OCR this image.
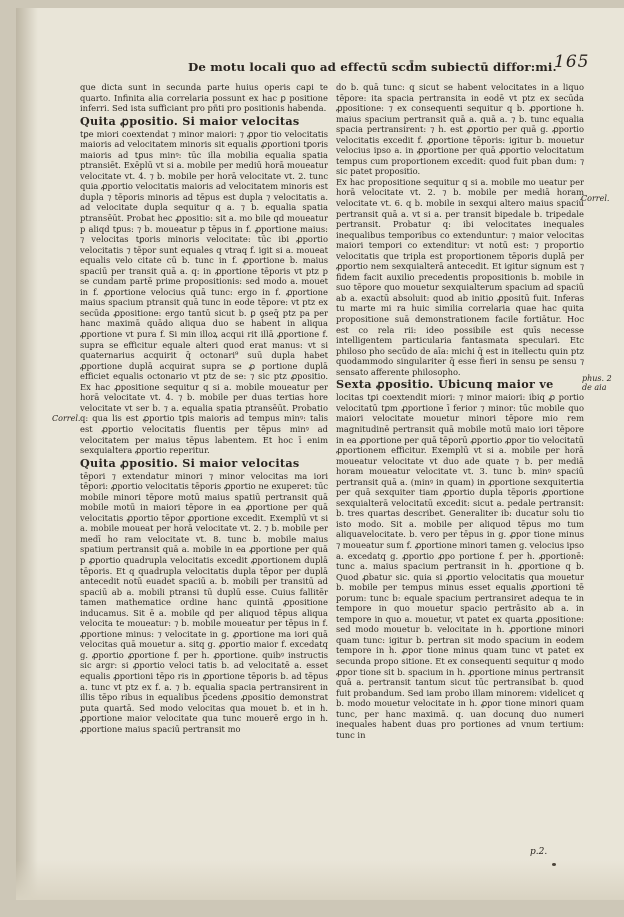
165
De motu locali quo ad effectū scd̄m subiectū diffor:mi.
Correl.
Correl.
phus. 2 de aia

que dicta sunt in secunda parte huius operis capi te quarto. Infinita alia correlaria possunt ex hac ꝑ positione inferri. Sed ista sufficiant pro pñti pro positionis habenda.

Quita ꝓpositio. Si maior velocitas

tꝑe miori coextendat ⁊ minor maiori: ⁊ ꝓpor tio velocitatis maioris ad velocitatem minoris sit equalis ꝓportioni tꝑoris maioris ad tꝑus minꝰ: tūc illa mobilia equalia spatia ptransiēt. Exēplū vt si a. mobile per mediū horā moueatur velocitate vt. 4. ⁊ b. mobile per horā velocitate vt. 2. tunc quia ꝓportio velocitatis maioris ad velocitatem minoris est dupla ⁊ tēporis minoris ad tēpus est dupla ⁊ velocitatis a. ad velocitate dupla sequitur q a. ⁊ b. equalia spatia ptransēūt. Probat hec ꝓpositio: sit a. mo bile qd moueatur p aliqd tꝑus: ⁊ b. moueatur p tēpus in f. ꝓportione maius: ⁊ velocitas tꝑoris minoris velocitate: tūc ibi ꝓportio velocitatis ⁊ tēpor sunt equales q vtraq f. igit si a. moueat equalis velo citate cū b. tunc in f. ꝓportione b. maius spaciū per transit quā a. q: in ꝓportione tēporis vt ptz p se cundam partē prime propositionis: sed modo a. mouet in f. ꝓportione velocius quā tunc: ergo in f. ꝓportione maius spacium ptransit quā tunc in eode tēpore: vt ptz ex secūda ꝓpositione: ergo tantū sicut b. ꝑ ꝯseq̄ ptz pa per hanc maximā quādo aliqua duo se habent in aliqua ꝓportione vt pura f. Si min illoꝝ acqui rit illā ꝓportione f. supra se efficitur equale alteri quod erat manus: vt si quaternarius acquirit q̄ octonari⁹ suū dupla habet ꝓportione duplā acquirat supra se ꝓ portione duplā efficiet equalis octonario vt ptz de se: ⁊ sic ptz ꝓpositio. Ex hac ꝓpositione sequitur q si a. mobile moueatur per horā velocitate vt. 4. ⁊ b. mobile per duas tertias hore velocitate vt ser b. ⁊ a. equalia spatia ptransēūt. Probatio q: qua lis est ꝓportio tꝑis maioris ad tempus minꝰ: talis est ꝓportio velocitatis fluentis per tēpus minꝰ ad velocitatem per maius tēpus labentem. Et hoc ī enim sexquialtera ꝓportio reperitur.

Quita ꝓpositio. Si maior velocitas

tēpori ⁊ extendatur minori ⁊ minor velocitas ma iori tēpori: ꝓportio velocitatis tēporis ꝓportio ne exuperet: tūc mobile minori tēpore motū maius spatiū pertransit quā mobile motū in maiori tēpore in ea ꝓportione per quā velocitatis ꝓportio tēpor ꝓportione excedit. Exemplū vt si a. mobile moueat per horā velocitate vt. 2. ⁊ b. mobile per medī ho ram velocitate vt. 8. tunc b. mobile maius spatium pertransit quā a. mobile in ea ꝓportione per quā p ꝓportio quadrupla velocitatis excedit ꝓportionem duplā tēporis. Et q quadrupla velocitatis dupla tēpor per duplā antecedit notū euadet spaciū a. b. mobili per transitū ad spaciū ab a. mobili ptransi tū duplū esse. Cuius fallitēr tamen mathematice ordine hanc quintā ꝓpositione inducamus. Sit ē a. mobile qd per aliquod tēpus aliqua velocita te moueatur: ⁊ b. mobile moueatur per tēpus in f. ꝓportione minus: ⁊ velocitate in g. ꝓportione ma iori quā velocitas quā mouetur a. sitq g. ꝓportio maior f. excedatq g. ꝓportio ꝓportione f. per h. ꝓportione. quibꝰ instructis sic argr: si ꝓportio veloci tatis b. ad velocitatē a. esset equalis ꝓportioni tēpo ris in ꝓportione tēporis b. ad tēpus a. tunc vt ptz ex f. a. ⁊ b. equalia spacia pertransirent in illis tēpo ribus in equalibus p̄cedens ꝓpositio demonstrat puta quartā. Sed modo velocitas qua mouet b. et in h. ꝓportione maior velocitate qua tunc mouerē ergo in h. ꝓportione maius spaciū pertransit mo

do b. quā tunc: q sicut se habent velocitates in a liquo tēpore: ita spacia pertransita in eodē vt ptz ex secūda ꝓpositione: ⁊ ex consequenti sequitur q b. ꝓportione h. maius spacium pertransit quā a. quā a. ⁊ b. tunc equalia spacia pertransirent: ⁊ h. est ꝓportio per quā g. ꝓportio velocitatis excedit f. ꝓportione tēporis: igitur b. mouetur velocius ipso a. in ꝓportione per quā ꝓportio velocitatum tempus cum proportionem excedit: quod fuit pban dum: ⁊ sic patet propositio.

Ex hac propositione sequitur q si a. mobile mo ueatur per horā velocitate vt. 2. ⁊ b. mobile per mediā horam velocitate vt. 6. q b. mobile in sexqui altero maius spaciū pertransit quā a. vt si a. per transit bipedale b. tripedale pertransit. Probatur q: ibi velocitates inequales inequalibus temporibus co extenduntur: ⁊ maior velocitas maiori tempori co extenditur: vt notū est: ⁊ proportio velocitatis que tripla est proportionem tēporis duplā per ꝓportio nem sexquialterā antecedit. Et igitur signum est ⁊ fidem facit auxilio precedentis propositionis b. mobile in suo tēpore quo mouetur sexquialterum spacium ad spaciū ab a. exactū absoluit: quod ab initio ꝓpositū fuit. Inferas tu marte mi ra huic similia correlaria quae hac quita propositione suā demonstrationem facile fortiātur. Hoc est co rela rii: ideo possibile est quīs necesse intelligentem particularia fantasmata speculari. Etc philoso pho secūdo de aīa: michi q̄ est in itellectu quin ptz quodammodo singulariter q̄ esse fieri in sensu pe sensu ⁊ sensato afferente philosopho.

Sexta ꝓpositio. Ubicunq maior ve

locitas tꝑi coextendit miori: ⁊ minor maiori: ibiq ꝓ portio velocitatū tꝑm ꝓportione ī ferior ⁊ minor: tūc mobile quo maiori velocitate mouetur minori tēpore mio rem magnitudinē pertransit quā mobile motū maio iori tēpore in ea ꝓportione per quā tēporū ꝓportio ꝓpor tio velocitatū ꝓportionem efficitur. Exemplū vt si a. mobile per horā moueatur velocitate vt duo ade quate ⁊ b. per mediā horam moueatur velocitate vt. 3. tunc b. minꝰ spaciū pertransit quā a. (minꝰ in quam) in ꝓportione sexquitertia per quā sexquiter tiam ꝓportio dupla tēporis ꝓportione sexquialterā velocitatū excedit: sicut a. pedale pertransit: b. tres quartas describet. Generaliter ib: ducatur solu tio isto modo. Sit a. mobile per aliquod tēpus mo tum aliquavelocitate. b. vero per tēpus in g. ꝓpor tione minus ⁊ moueatur sum f. ꝓportione minori tamen g. velocius ipso a. excedatq g. ꝓportio ꝓpo portione f. per h. ꝓportionē: tunc a. maius spacium pertransit in h. ꝓportione q b. Quod ꝓbatur sic. quia si ꝓportio velocitatis qua mouetur b. mobile per tempus minus esset equalis ꝓportioni tē porum: tunc b: equale spacium pertransiret adequa te in tempore in quo mouetur spacio pertrāsito ab a. in tempore in quo a. mouetur, vt patet ex quarta ꝓpositione: sed modo mouetur b. velocitate in h. ꝓportione minori quam tunc: igitur b. pertran sit modo spacium in eodem tempore in h. ꝓpor tione minus quam tunc vt patet ex secunda propo sitione. Et ex consequenti sequitur q modo ꝓpor tione sit b. spacium in h. ꝓportione minus pertransit quā a. pertransit tantum sicut tūc pertransibat b. quod fuit probandum. Sed iam probo illam minorem: videlicet q b. modo mouetur velocitate in h. ꝓpor tione minori quam tunc, per hanc maximā. q. uan docunq duo numeri inequales habent duas pro portiones ad vnum tertium: tunc in

p.2.
